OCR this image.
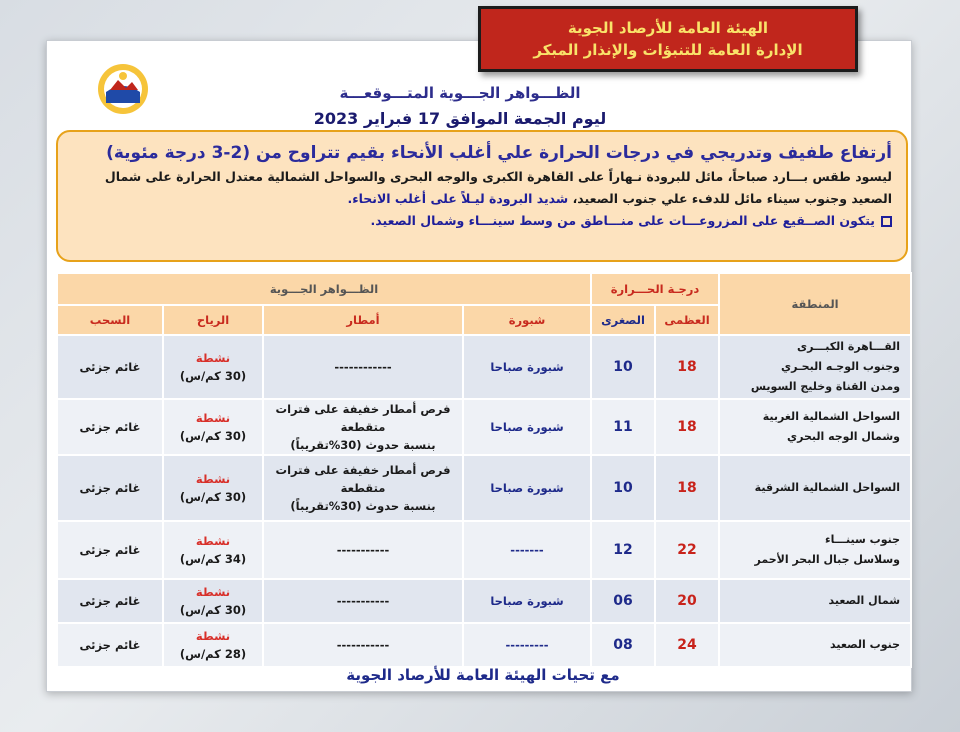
الهيئة العامة للأرصاد الجوية
الإدارة العامة للتنبؤات والإنذار المبكر
الظـــواهر الجـــوية المتـــوقعـــة
ليوم الجمعة الموافق 17 فبراير 2023
أرتفاع طفيف وتدريجي في درجات الحرارة علي أغلب الأنحاء بقيم تتراوح من (2-3 درجة مئوية)
ليسود طقس بـــارد صباحاً، مائل للبرودة نـهاراً على القاهرة الكبرى والوجه البحرى والسواحل الشمالية معتدل الحرارة على شمال الصعيد وجنوب سيناء مائل للدفء علي جنوب الصعيد، شديد البرودة ليـلاً على أغلب الانحاء.
يتكون الصــقيع على المزروعـــات على منـــاطق من وسط سينـــاء وشمال الصعيد.
المنطقة	درجـة الحـــرارة		الظـــواهر الجـــوية			
	العظمى	الصغرى	شبورة	أمطار	الرياح	السحب
القـــاهرة الكبـــرى
وجنوب الوجـه البحـري
ومدن القناة وخليج السويس	18	10	شبورة صباحا	------------	نشطة
(30 كم/س)	غائم جزئى
السواحل الشمالية الغربية
وشمال الوجه البحري	18	11	شبورة صباحا	فرص أمطار خفيفة على فترات متقطعة
بنسبة حدوث (30%تقريباً)	نشطة
(30 كم/س)	غائم جزئى
السواحل الشمالية الشرقية	18	10	شبورة صباحا	فرص أمطار خفيفة على فترات متقطعة
بنسبة حدوث (30%تقريباً)	نشطة
(30 كم/س)	غائم جزئى
جنوب سينـــاء
وسلاسل جبال البحر الأحمر	22	12	-------	-----------	نشطة
(34 كم/س)	غائم جزئى
شمال الصعيد	20	06	شبورة صباحا	-----------	نشطة
(30 كم/س)	غائم جزئى
جنوب الصعيد	24	08	---------	-----------	نشطة
(28 كم/س)	غائم جزئى
مع تحيات الهيئة العامة للأرصاد الجوية
